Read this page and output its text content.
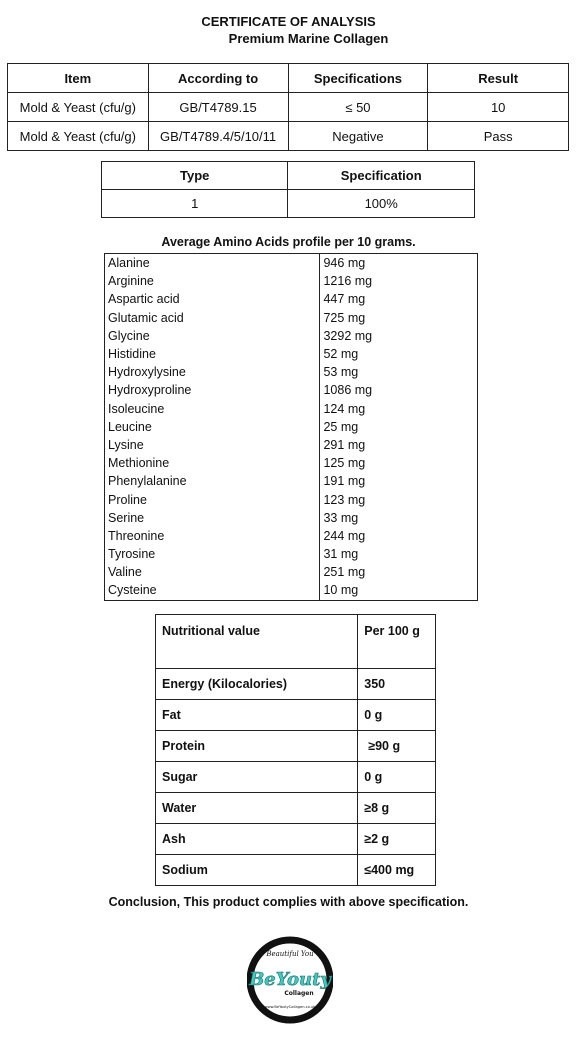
CERTIFICATE OF ANALYSIS
Premium Marine Collagen
Item	According to	Specifications	Result
Mold & Yeast (cfu/g)	GB/T4789.15	≤ 50	10
Mold & Yeast (cfu/g)	GB/T4789.4/5/10/11	Negative	Pass
Type	Specification
1	100%
Average Amino Acids profile per 10 grams.
Alanine	946 mg
Arginine	1216 mg
Aspartic acid	447 mg
Glutamic acid	725 mg
Glycine	3292 mg
Histidine	52 mg
Hydroxylysine	53 mg
Hydroxyproline	1086 mg
Isoleucine	124 mg
Leucine	25 mg
Lysine	291 mg
Methionine	125 mg
Phenylalanine	191 mg
Proline	123 mg
Serine	33 mg
Threonine	244 mg
Tyrosine	31 mg
Valine	251 mg
Cysteine	10 mg
Nutritional value	Per 100 g
Energy (Kilocalories)	350
Fat	0 g
Protein	≥90 g
Sugar	0 g
Water	≥8 g
Ash	≥2 g
Sodium	≤400 mg
Conclusion, This product complies with above specification.
Beautiful You
BeYouty
Collagen
www.BeYoutyCollagen.co.uk
